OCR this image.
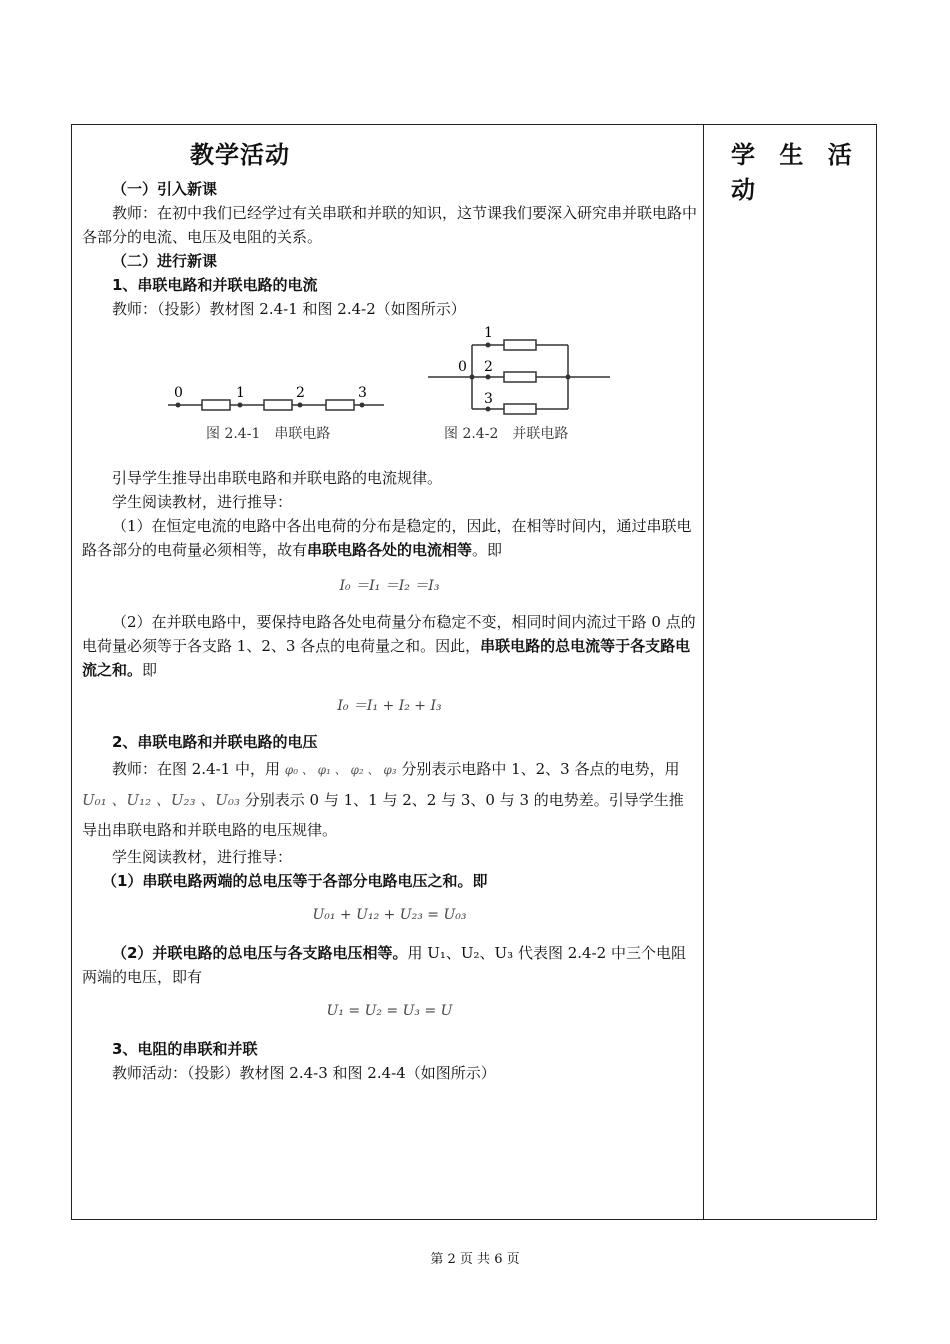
教学活动	学 生 活 动

（一）引入新课

教师：在初中我们已经学过有关串联和并联的知识，这节课我们要深入研究串并联电路中各部分的电流、电压及电阻的关系。

（二）进行新课

1、串联电路和并联电路的电流

教师：（投影）教材图 2.4-1 和图 2.4-2（如图所示）

0	1	2	3
图 2.4-1　串联电路
0
1
2
3
图 2.4-2　并联电路

引导学生推导出串联电路和并联电路的电流规律。

学生阅读教材，进行推导：

（1）在恒定电流的电路中各出电荷的分布是稳定的，因此，在相等时间内，通过串联电路各部分的电荷量必须相等，故有串联电路各处的电流相等。即

I₀ ＝I₁ ＝I₂ ＝I₃

（2）在并联电路中，要保持电路各处电荷量分布稳定不变，相同时间内流过干路 0 点的电荷量必须等于各支路 1、2、3 各点的电荷量之和。因此，串联电路的总电流等于各支路电流之和。即

I₀ ＝I₁ + I₂ + I₃

2、串联电路和并联电路的电压

教师：在图 2.4-1 中，用 φ₀ 、 φ₁ 、 φ₂ 、 φ₃ 分别表示电路中 1、2、3 各点的电势，用

U₀₁ 、U₁₂ 、U₂₃ 、U₀₃ 分别表示 0 与 1、1 与 2、2 与 3、0 与 3 的电势差。引导学生推导出串联电路和并联电路的电压规律。

学生阅读教材，进行推导：

（1）串联电路两端的总电压等于各部分电路电压之和。即

U₀₁ + U₁₂ + U₂₃ = U₀₃

（2）并联电路的总电压与各支路电压相等。用 U₁、U₂、U₃ 代表图 2.4-2 中三个电阻两端的电压，即有

U₁ = U₂ = U₃ = U

3、电阻的串联和并联

教师活动：（投影）教材图 2.4-3 和图 2.4-4（如图所示）

第 2 页 共 6 页
